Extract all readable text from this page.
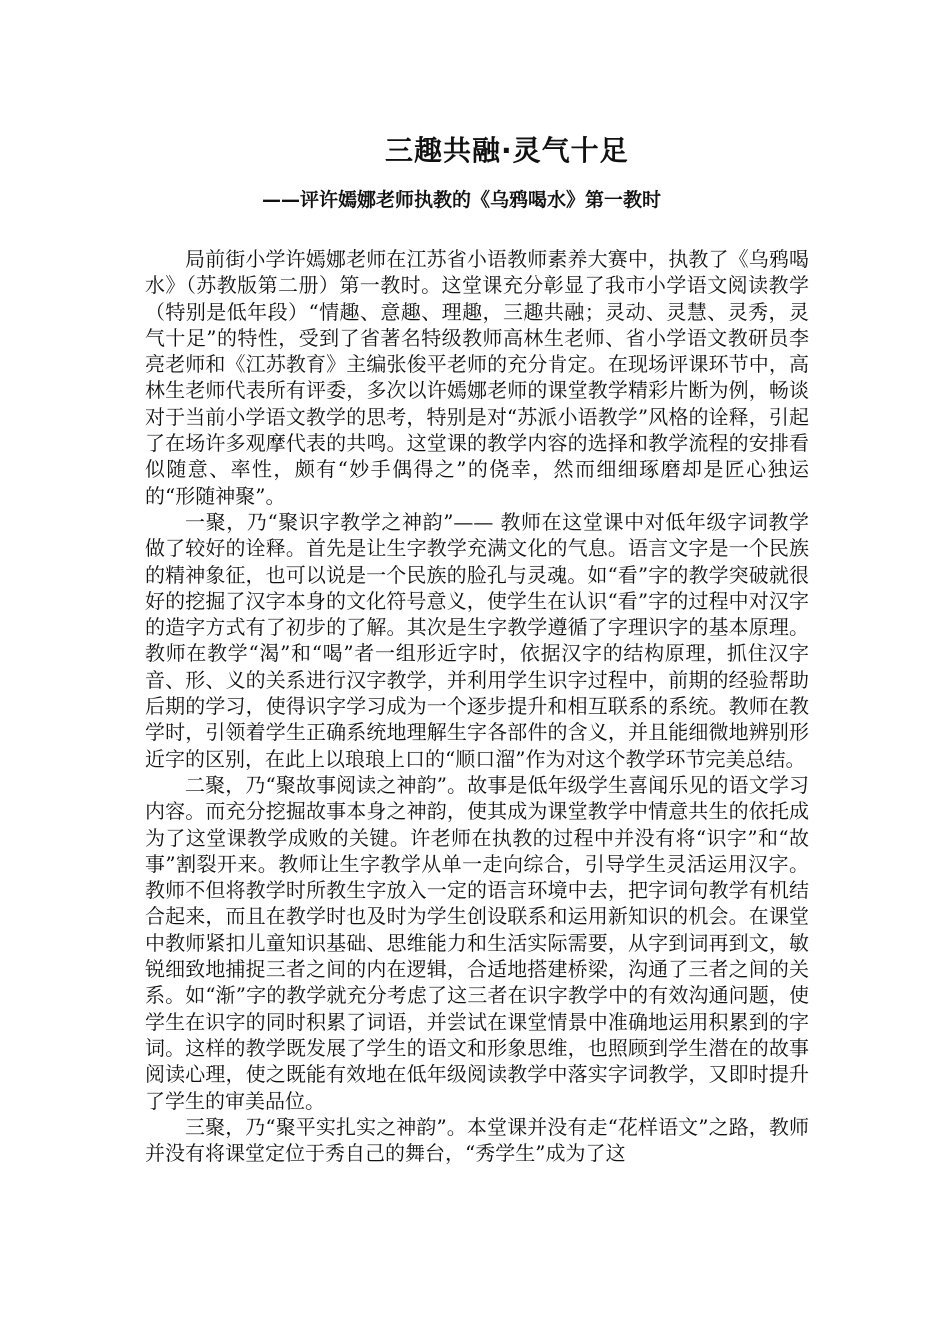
三趣共融·灵气十足
——评许嫣娜老师执教的《乌鸦喝水》第一教时

局前街小学许嫣娜老师在江苏省小语教师素养大赛中，执教了《乌鸦喝水》（苏教版第二册）第一教时。这堂课充分彰显了我市小学语文阅读教学（特别是低年段）“情趣、意趣、理趣，三趣共融；灵动、灵慧、灵秀，灵气十足”的特性，受到了省著名特级教师高林生老师、省小学语文教研员李亮老师和《江苏教育》主编张俊平老师的充分肯定。在现场评课环节中，高林生老师代表所有评委，多次以许嫣娜老师的课堂教学精彩片断为例，畅谈对于当前小学语文教学的思考，特别是对“苏派小语教学”风格的诠释，引起了在场许多观摩代表的共鸣。这堂课的教学内容的选择和教学流程的安排看似随意、率性，颇有“妙手偶得之”的侥幸，然而细细琢磨却是匠心独运的“形随神聚”。

一聚，乃“聚识字教学之神韵”—— 教师在这堂课中对低年级字词教学做了较好的诠释。首先是让生字教学充满文化的气息。语言文字是一个民族的精神象征，也可以说是一个民族的脸孔与灵魂。如“看”字的教学突破就很好的挖掘了汉字本身的文化符号意义，使学生在认识“看”字的过程中对汉字的造字方式有了初步的了解。其次是生字教学遵循了字理识字的基本原理。教师在教学“渴”和“喝”者一组形近字时，依据汉字的结构原理，抓住汉字音、形、义的关系进行汉字教学，并利用学生识字过程中，前期的经验帮助后期的学习，使得识字学习成为一个逐步提升和相互联系的系统。教师在教学时，引领着学生正确系统地理解生字各部件的含义，并且能细微地辨别形近字的区别，在此上以琅琅上口的“顺口溜”作为对这个教学环节完美总结。

二聚，乃“聚故事阅读之神韵”。故事是低年级学生喜闻乐见的语文学习内容。而充分挖掘故事本身之神韵，使其成为课堂教学中情意共生的依托成为了这堂课教学成败的关键。许老师在执教的过程中并没有将“识字”和“故事”割裂开来。教师让生字教学从单一走向综合，引导学生灵活运用汉字。教师不但将教学时所教生字放入一定的语言环境中去，把字词句教学有机结合起来，而且在教学时也及时为学生创设联系和运用新知识的机会。在课堂中教师紧扣儿童知识基础、思维能力和生活实际需要，从字到词再到文，敏锐细致地捕捉三者之间的内在逻辑，合适地搭建桥梁，沟通了三者之间的关系。如“渐”字的教学就充分考虑了这三者在识字教学中的有效沟通问题，使学生在识字的同时积累了词语，并尝试在课堂情景中准确地运用积累到的字词。这样的教学既发展了学生的语文和形象思维，也照顾到学生潜在的故事阅读心理，使之既能有效地在低年级阅读教学中落实字词教学，又即时提升了学生的审美品位。

三聚，乃“聚平实扎实之神韵”。本堂课并没有走“花样语文”之路，教师并没有将课堂定位于秀自己的舞台，“秀学生”成为了这
